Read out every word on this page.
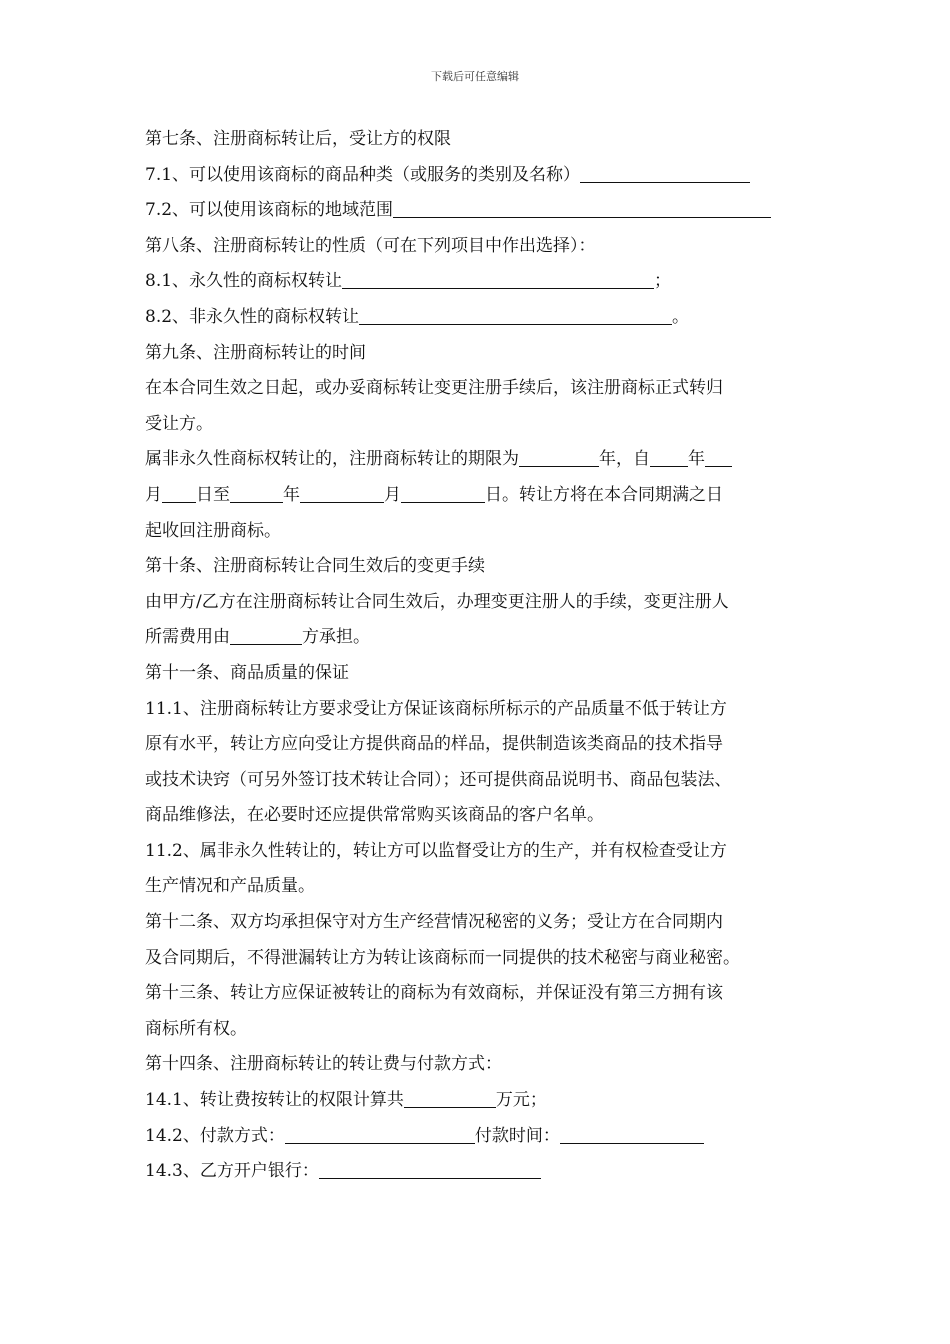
下载后可任意编辑
第七条、注册商标转让后，受让方的权限
7.1、可以使用该商标的商品种类（或服务的类别及名称）
7.2、可以使用该商标的地域范围
第八条、注册商标转让的性质（可在下列项目中作出选择）：
8.1、永久性的商标权转让	；
8.2、非永久性的商标权转让	。
第九条、注册商标转让的时间
在本合同生效之日起，或办妥商标转让变更注册手续后，该注册商标正式转归
受让方。
属非永久性商标权转让的，注册商标转让的期限为	年，自 年
月 日至	年	月	日。转让方将在本合同期满之日
起收回注册商标。
第十条、注册商标转让合同生效后的变更手续
由甲方/乙方在注册商标转让合同生效后，办理变更注册人的手续，变更注册人
所需费用由	方承担。
第十一条、商品质量的保证
11.1、注册商标转让方要求受让方保证该商标所标示的产品质量不低于转让方
原有水平，转让方应向受让方提供商品的样品，提供制造该类商品的技术指导
或技术诀窍（可另外签订技术转让合同）；还可提供商品说明书、商品包装法、
商品维修法，在必要时还应提供常常购买该商品的客户名单。
11.2、属非永久性转让的，转让方可以监督受让方的生产，并有权检查受让方
生产情况和产品质量。
第十二条、双方均承担保守对方生产经营情况秘密的义务；受让方在合同期内
及合同期后，不得泄漏转让方为转让该商标而一同提供的技术秘密与商业秘密。
第十三条、转让方应保证被转让的商标为有效商标，并保证没有第三方拥有该
商标所有权。
第十四条、注册商标转让的转让费与付款方式：
14.1、转让费按转让的权限计算共	万元；
14.2、付款方式：	付款时间：
14.3、乙方开户银行：
